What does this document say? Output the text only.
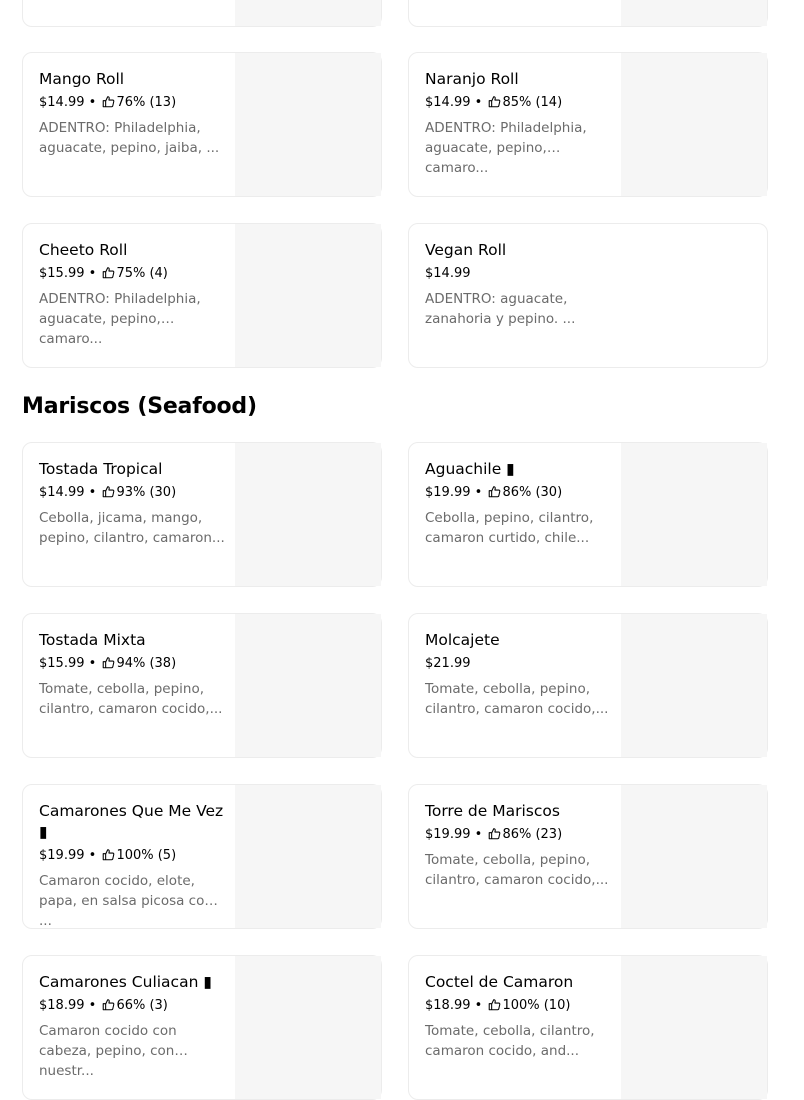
Mango Roll
$14.99 • 76% (13)
ADENTRO: Philadelphia, aguacate, pepino, jaiba, ...
Naranjo Roll
$14.99 • 85% (14)
ADENTRO: Philadelphia, aguacate, pepino, camaro...
Cheeto Roll
$15.99 • 75% (4)
ADENTRO: Philadelphia, aguacate, pepino, camaro...
Vegan Roll
$14.99
ADENTRO: aguacate, zanahoria y pepino. ...
Mariscos (Seafood)
Tostada Tropical
$14.99 • 93% (30)
Cebolla, jicama, mango, pepino, cilantro, camaron...
Aguachile ▮
$19.99 • 86% (30)
Cebolla, pepino, cilantro, camaron curtido, chile...
Tostada Mixta
$15.99 • 94% (38)
Tomate, cebolla, pepino, cilantro, camaron cocido,...
Molcajete
$21.99
Tomate, cebolla, pepino, cilantro, camaron cocido,...
Camarones Que Me Vez ▮
$19.99 • 100% (5)
Camaron cocido, elote, papa, en salsa picosa con ...
Torre de Mariscos
$19.99 • 86% (23)
Tomate, cebolla, pepino, cilantro, camaron cocido,...
Camarones Culiacan ▮
$18.99 • 66% (3)
Camaron cocido con cabeza, pepino, con nuestr...
Coctel de Camaron
$18.99 • 100% (10)
Tomate, cebolla, cilantro, camaron cocido, and...
